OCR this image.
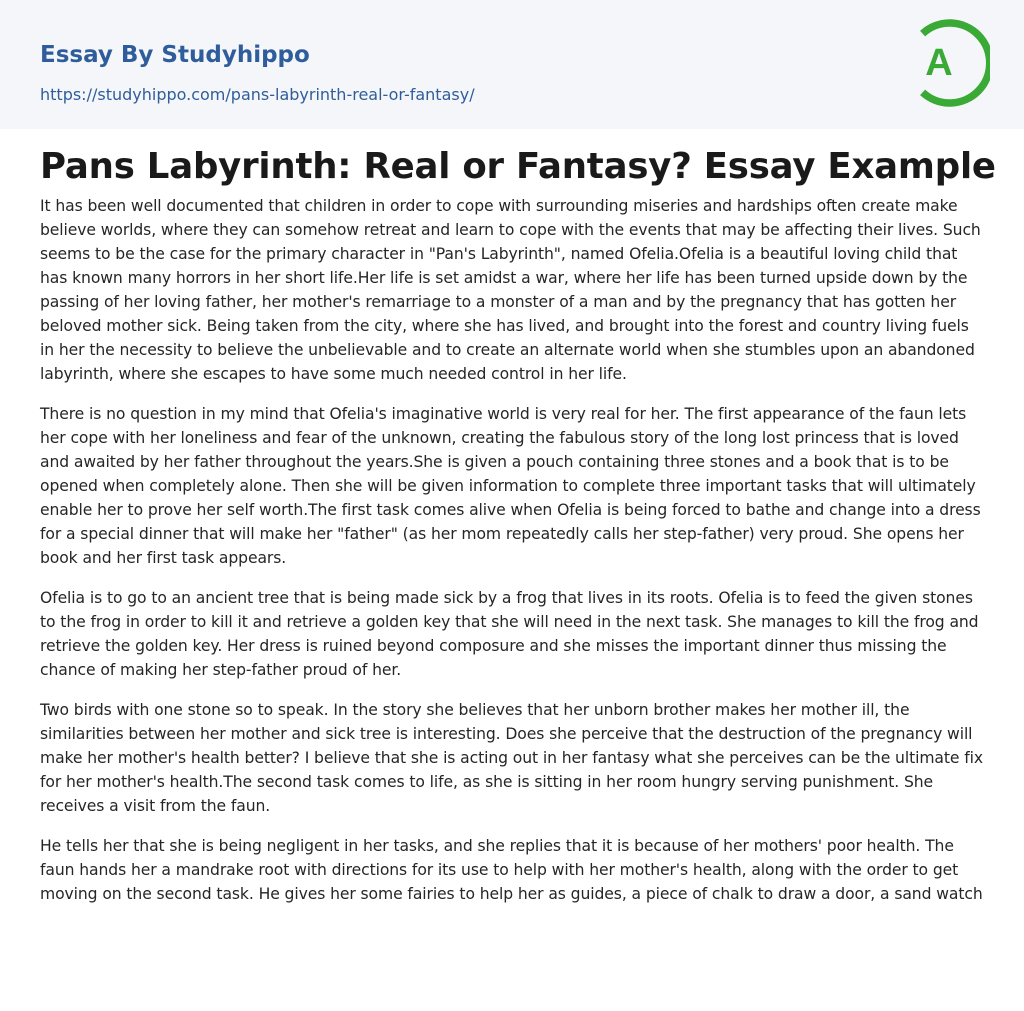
Essay By Studyhippo
https://studyhippo.com/pans-labyrinth-real-or-fantasy/
A
Pans Labyrinth: Real or Fantasy? Essay Example

It has been well documented that children in order to cope with surrounding miseries and hardships often create make believe worlds, where they can somehow retreat and learn to cope with the events that may be affecting their lives. Such seems to be the case for the primary character in "Pan's Labyrinth", named Ofelia.Ofelia is a beautiful loving child that has known many horrors in her short life.Her life is set amidst a war, where her life has been turned upside down by the passing of her loving father, her mother's remarriage to a monster of a man and by the pregnancy that has gotten her beloved mother sick. Being taken from the city, where she has lived, and brought into the forest and country living fuels in her the necessity to believe the unbelievable and to create an alternate world when she stumbles upon an abandoned labyrinth, where she escapes to have some much needed control in her life.

There is no question in my mind that Ofelia's imaginative world is very real for her. The first appearance of the faun lets her cope with her loneliness and fear of the unknown, creating the fabulous story of the long lost princess that is loved and awaited by her father throughout the years.She is given a pouch containing three stones and a book that is to be opened when completely alone. Then she will be given information to complete three important tasks that will ultimately enable her to prove her self worth.The first task comes alive when Ofelia is being forced to bathe and change into a dress for a special dinner that will make her "father" (as her mom repeatedly calls her step-father) very proud. She opens her book and her first task appears.

Ofelia is to go to an ancient tree that is being made sick by a frog that lives in its roots. Ofelia is to feed the given stones to the frog in order to kill it and retrieve a golden key that she will need in the next task. She manages to kill the frog and retrieve the golden key. Her dress is ruined beyond composure and she misses the important dinner thus missing the chance of making her step-father proud of her.

Two birds with one stone so to speak. In the story she believes that her unborn brother makes her mother ill, the similarities between her mother and sick tree is interesting. Does she perceive that the destruction of the pregnancy will make her mother's health better? I believe that she is acting out in her fantasy what she perceives can be the ultimate fix for her mother's health.The second task comes to life, as she is sitting in her room hungry serving punishment. She receives a visit from the faun.

He tells her that she is being negligent in her tasks, and she replies that it is because of her mothers' poor health. The faun hands her a mandrake root with directions for its use to help with her mother's health, along with the order to get moving on the second task. He gives her some fairies to help her as guides, a piece of chalk to draw a door, a sand watch
